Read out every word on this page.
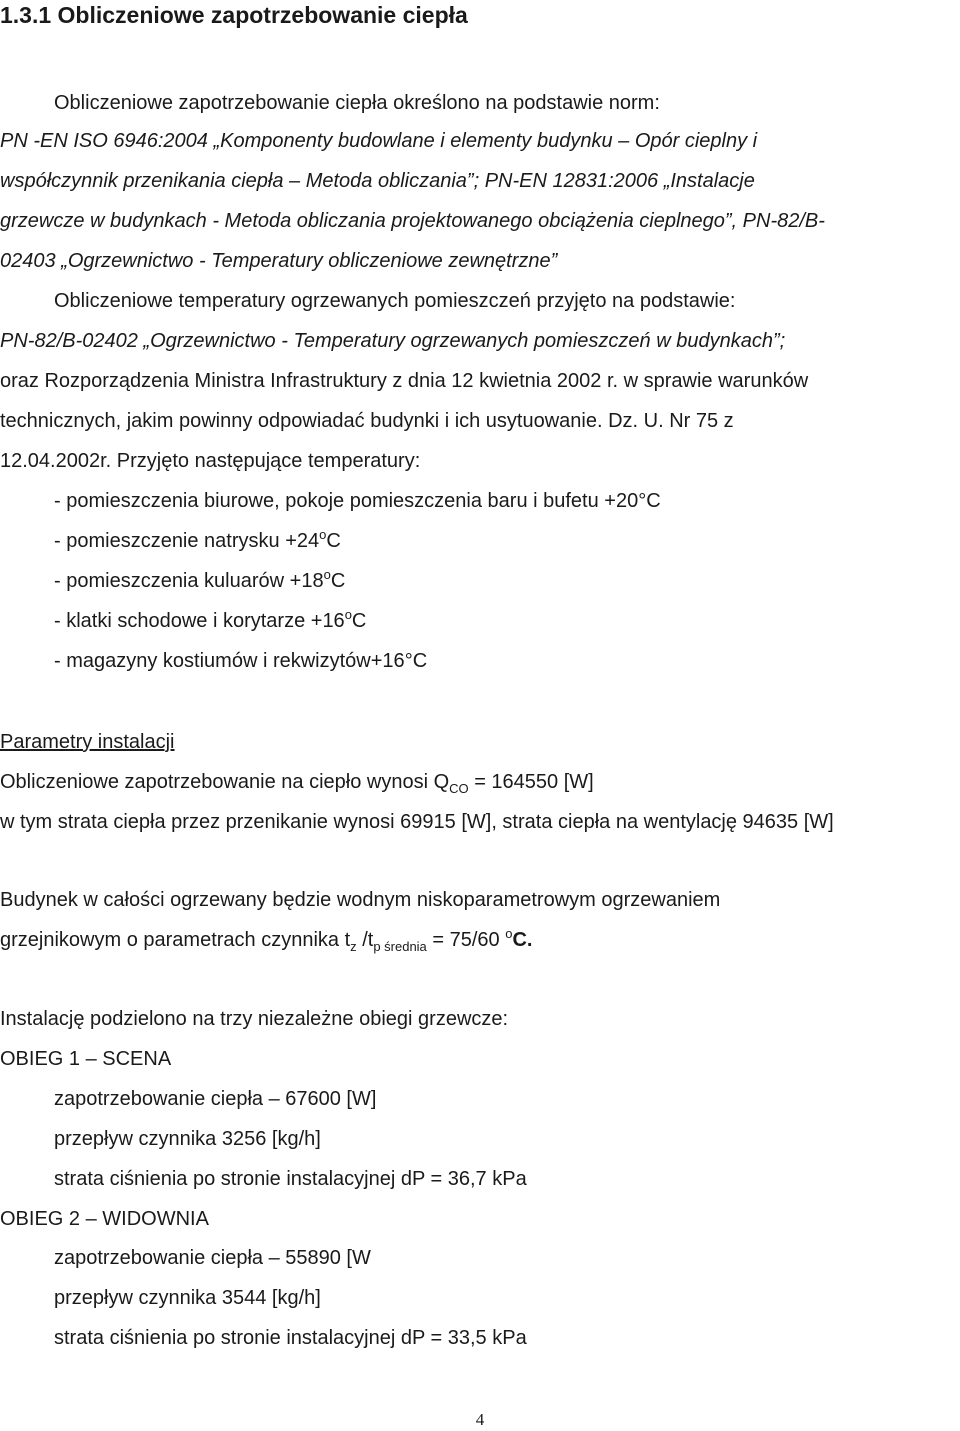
1.3.1 Obliczeniowe zapotrzebowanie ciepła

Obliczeniowe zapotrzebowanie ciepła określono na podstawie norm:

PN -EN ISO 6946:2004 „Komponenty budowlane i elementy budynku – Opór cieplny i

współczynnik przenikania ciepła – Metoda obliczania”; PN-EN 12831:2006 „Instalacje

grzewcze w budynkach - Metoda obliczania projektowanego obciążenia cieplnego”, PN-82/B-

02403 „Ogrzewnictwo - Temperatury obliczeniowe zewnętrzne”

Obliczeniowe temperatury ogrzewanych pomieszczeń przyjęto na podstawie:

PN-82/B-02402 „Ogrzewnictwo - Temperatury ogrzewanych pomieszczeń w budynkach”;

oraz Rozporządzenia Ministra Infrastruktury z dnia 12 kwietnia 2002 r. w sprawie warunków

technicznych, jakim powinny odpowiadać budynki i ich usytuowanie. Dz. U. Nr 75 z

12.04.2002r. Przyjęto następujące temperatury:

- pomieszczenia biurowe, pokoje pomieszczenia baru i bufetu +20°C

- pomieszczenie natrysku $+24^oC$

- pomieszczenia kuluarów $+18^oC$

- klatki schodowe i korytarze $+16^oC$

- magazyny kostiumów i rekwizytów+16°C

Parametry instalacji

Obliczeniowe zapotrzebowanie na ciepło wynosi $Q_{CO} = 164550$ [W]

w tym strata ciepła przez przenikanie wynosi 69915 [W], strata ciepła na wentylację 94635 [W]

Budynek w całości ogrzewany będzie wodnym niskoparametrowym ogrzewaniem

grzejnikowym o parametrach czynnika $t_z$ $/t_{p średnia} = 75/60$ $^o$C.

Instalację podzielono na trzy niezależne obiegi grzewcze:

OBIEG 1 – SCENA

zapotrzebowanie ciepła – 67600 [W]

przepływ czynnika 3256 [kg/h]

strata ciśnienia po stronie instalacyjnej dP = 36,7 kPa

OBIEG 2 – WIDOWNIA

zapotrzebowanie ciepła – 55890 [W

przepływ czynnika 3544 [kg/h]

strata ciśnienia po stronie instalacyjnej dP = 33,5 kPa

4
